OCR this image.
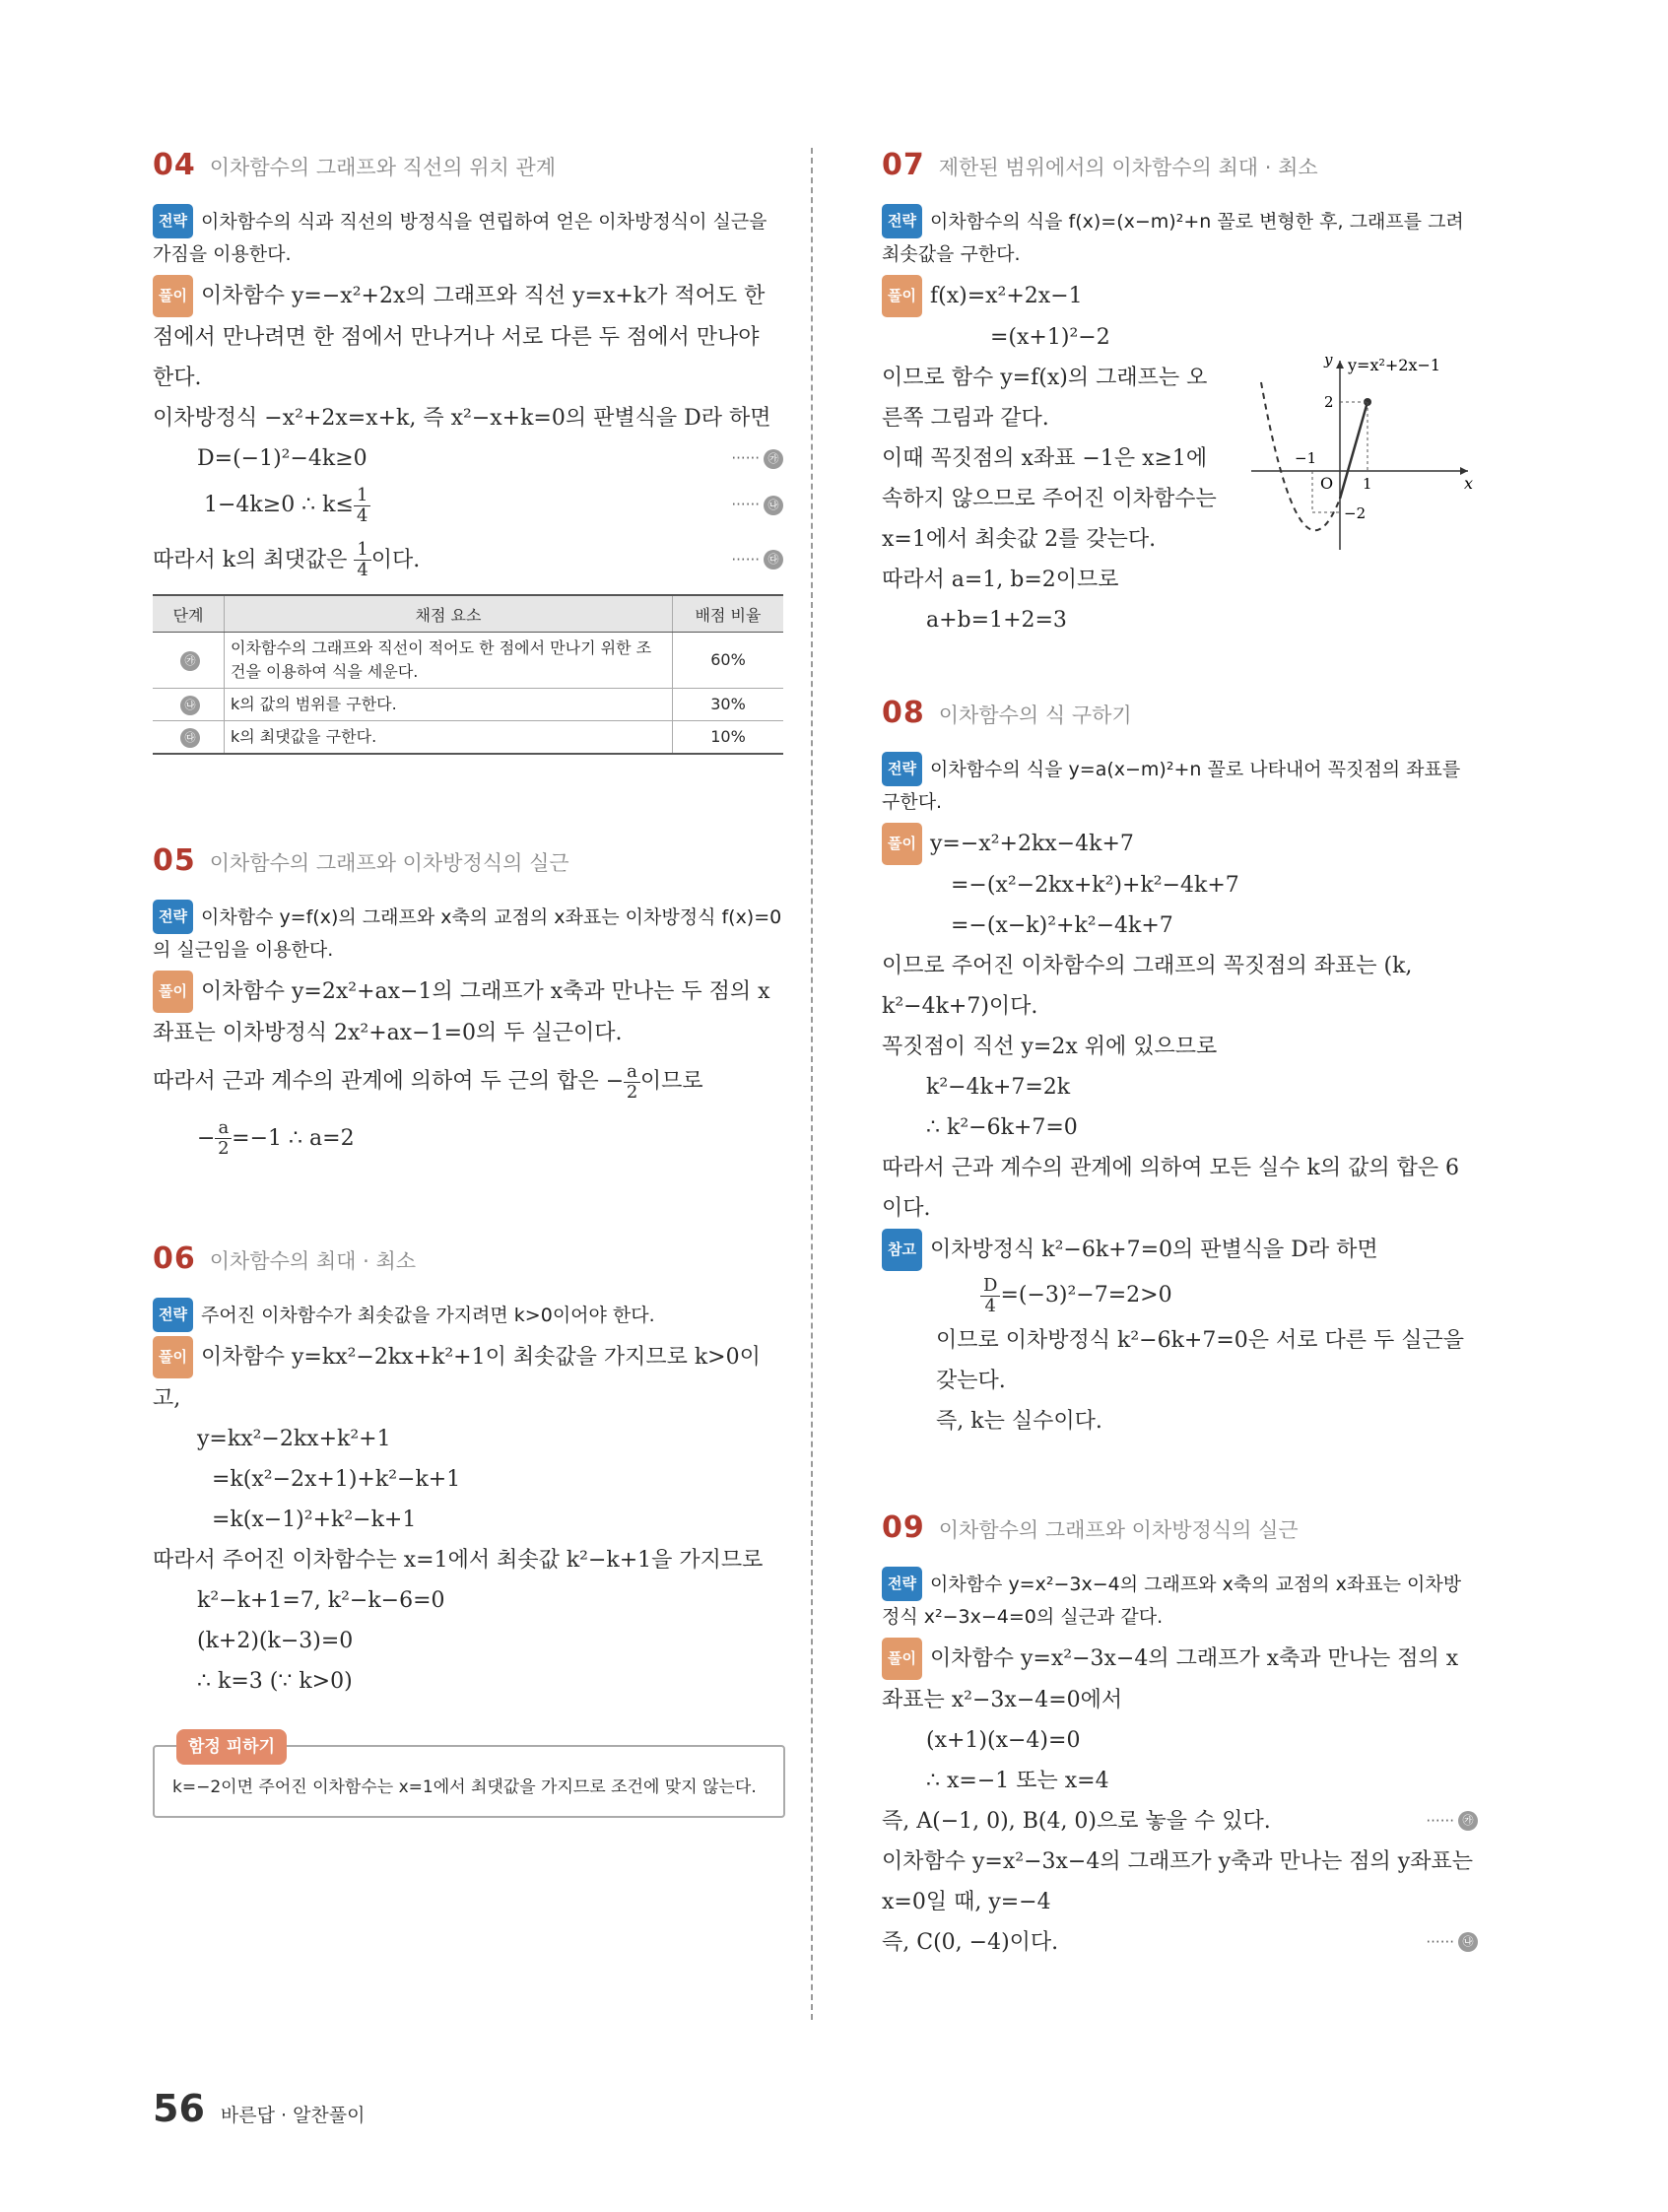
04 이차함수의 그래프와 직선의 위치 관계

전략 이차함수의 식과 직선의 방정식을 연립하여 얻은 이차방정식이 실근을 가짐을 이용한다.

풀이 이차함수 y=−x²+2x의 그래프와 직선 y=x+k가 적어도 한 점에서 만나려면 한 점에서 만나거나 서로 다른 두 점에서 만나야 한다.

이차방정식 −x²+2x=x+k, 즉 x²−x+k=0의 판별식을 D라 하면

D=(−1)²−4k≥0	······ ㉮
1−4k≥0 ∴ $k\le \frac{1}{4}$	······ ㉯
따라서 k의 최댓값은 $\frac{1}{4}$ 이다.	······ ㉰
단계	채점 요소	배점 비율
㉮	이차함수의 그래프와 직선이 적어도 한 점에서 만나기 위한 조건을 이용하여 식을 세운다.	60%
㉯	k의 값의 범위를 구한다.	30%
㉰	k의 최댓값을 구한다.	10%
05 이차함수의 그래프와 이차방정식의 실근

전략 이차함수 y=f(x)의 그래프와 x축의 교점의 x좌표는 이차방정식 f(x)=0의 실근임을 이용한다.

풀이 이차함수 y=2x²+ax−1의 그래프가 x축과 만나는 두 점의 x좌표는 이차방정식 2x²+ax−1=0의 두 실근이다.

따라서 근과 계수의 관계에 의하여 두 근의 합은 − $\frac{a}{2}$ 이므로
− $\frac{a}{2} =-1$ ∴ a=2
06 이차함수의 최대 · 최소

전략 주어진 이차함수가 최솟값을 가지려면 k>0이어야 한다.

풀이 이차함수 y=kx²−2kx+k²+1이 최솟값을 가지므로 k>0이고,

y=kx²−2kx+k²+1
=k(x²−2x+1)+k²−k+1
=k(x−1)²+k²−k+1

따라서 주어진 이차함수는 x=1에서 최솟값 k²−k+1을 가지므로

k²−k+1=7, k²−k−6=0
(k+2)(k−3)=0
∴ k=3 (∵ k>0)
함정 피하기
k=−2이면 주어진 이차함수는 x=1에서 최댓값을 가지므로 조건에 맞지 않는다.
07 제한된 범위에서의 이차함수의 최대 · 최소

전략 이차함수의 식을 f(x)=(x−m)²+n 꼴로 변형한 후, 그래프를 그려 최솟값을 구한다.

풀이 f(x)=x²+2x−1
=(x+1)²−2

이므로 함수 y=f(x)의 그래프는 오른쪽 그림과 같다.

이때 꼭짓점의 x좌표 −1은 x≥1에 속하지 않으므로 주어진 이차함수는 x=1에서 최솟값 2를 갖는다.

따라서 a=1, b=2이므로

a+b=1+2=3
y y=x²+2x−1
x
O
−1
1
2
−2
08 이차함수의 식 구하기

전략 이차함수의 식을 y=a(x−m)²+n 꼴로 나타내어 꼭짓점의 좌표를 구한다.

풀이 y=−x²+2kx−4k+7
=−(x²−2kx+k²)+k²−4k+7
=−(x−k)²+k²−4k+7

이므로 주어진 이차함수의 그래프의 꼭짓점의 좌표는 (k, k²−4k+7)이다.

꼭짓점이 직선 y=2x 위에 있으므로

k²−4k+7=2k
∴ k²−6k+7=0

따라서 근과 계수의 관계에 의하여 모든 실수 k의 값의 합은 6이다.

참고 이차방정식 k²−6k+7=0의 판별식을 D라 하면
$\frac{D}{4} =(-3)^2-7=2>0$

이므로 이차방정식 k²−6k+7=0은 서로 다른 두 실근을 갖는다.

즉, k는 실수이다.

09 이차함수의 그래프와 이차방정식의 실근

전략 이차함수 y=x²−3x−4의 그래프와 x축의 교점의 x좌표는 이차방정식 x²−3x−4=0의 실근과 같다.

풀이 이차함수 y=x²−3x−4의 그래프가 x축과 만나는 점의 x좌표는 x²−3x−4=0에서

(x+1)(x−4)=0
∴ x=−1 또는 x=4
즉, A(−1, 0), B(4, 0)으로 놓을 수 있다.	······ ㉮

이차함수 y=x²−3x−4의 그래프가 y축과 만나는 점의 y좌표는 x=0일 때, y=−4

즉, C(0, −4)이다.	······ ㉯
56 바른답 · 알찬풀이
